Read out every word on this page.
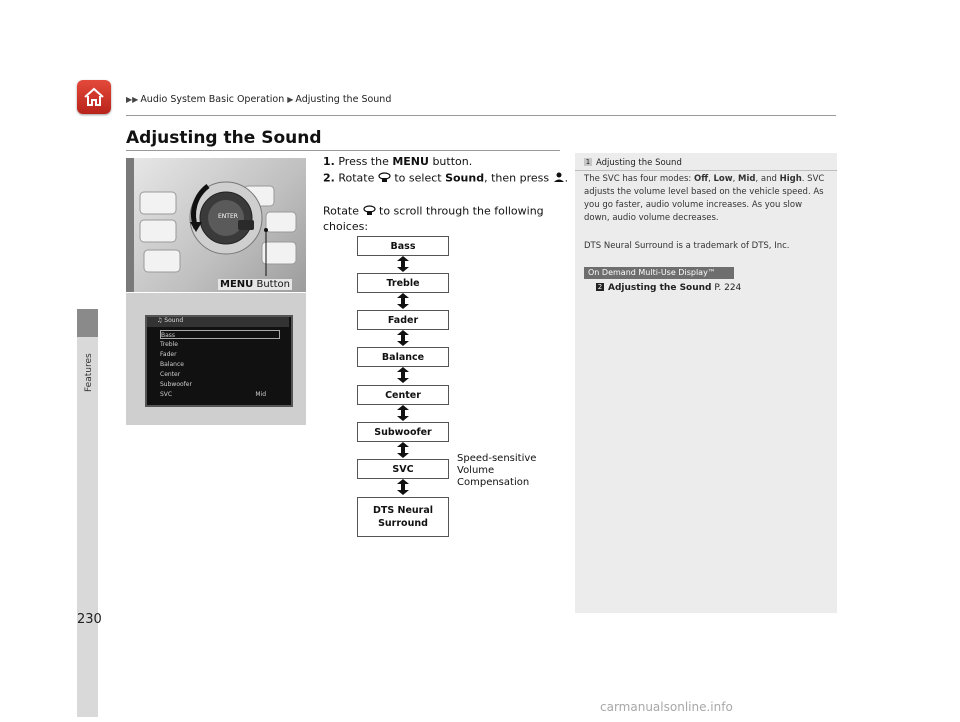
▶▶ Audio System Basic Operation ▶ Adjusting the Sound
Features
230
Adjusting the Sound
ENTER
MENU Button
♫ Sound
Bass
Treble
Fader
Balance
Center
Subwoofer
SVC	Mid
1. Press the MENU button.
2. Rotate  to select Sound, then press .
Rotate  to scroll through the following
choices:
Bass
Treble
Fader
Balance
Center
Subwoofer
SVC
DTS Neural
Surround
Speed-sensitive
Volume
Compensation
1 Adjusting the Sound
The SVC has four modes: Off, Low, Mid, and High. SVC adjusts the volume level based on the vehicle speed. As you go faster, audio volume increases. As you slow down, audio volume decreases.
DTS Neural Surround is a trademark of DTS, Inc.
On Demand Multi-Use Display™
2 Adjusting the Sound P. 224
carmanualsonline.info
